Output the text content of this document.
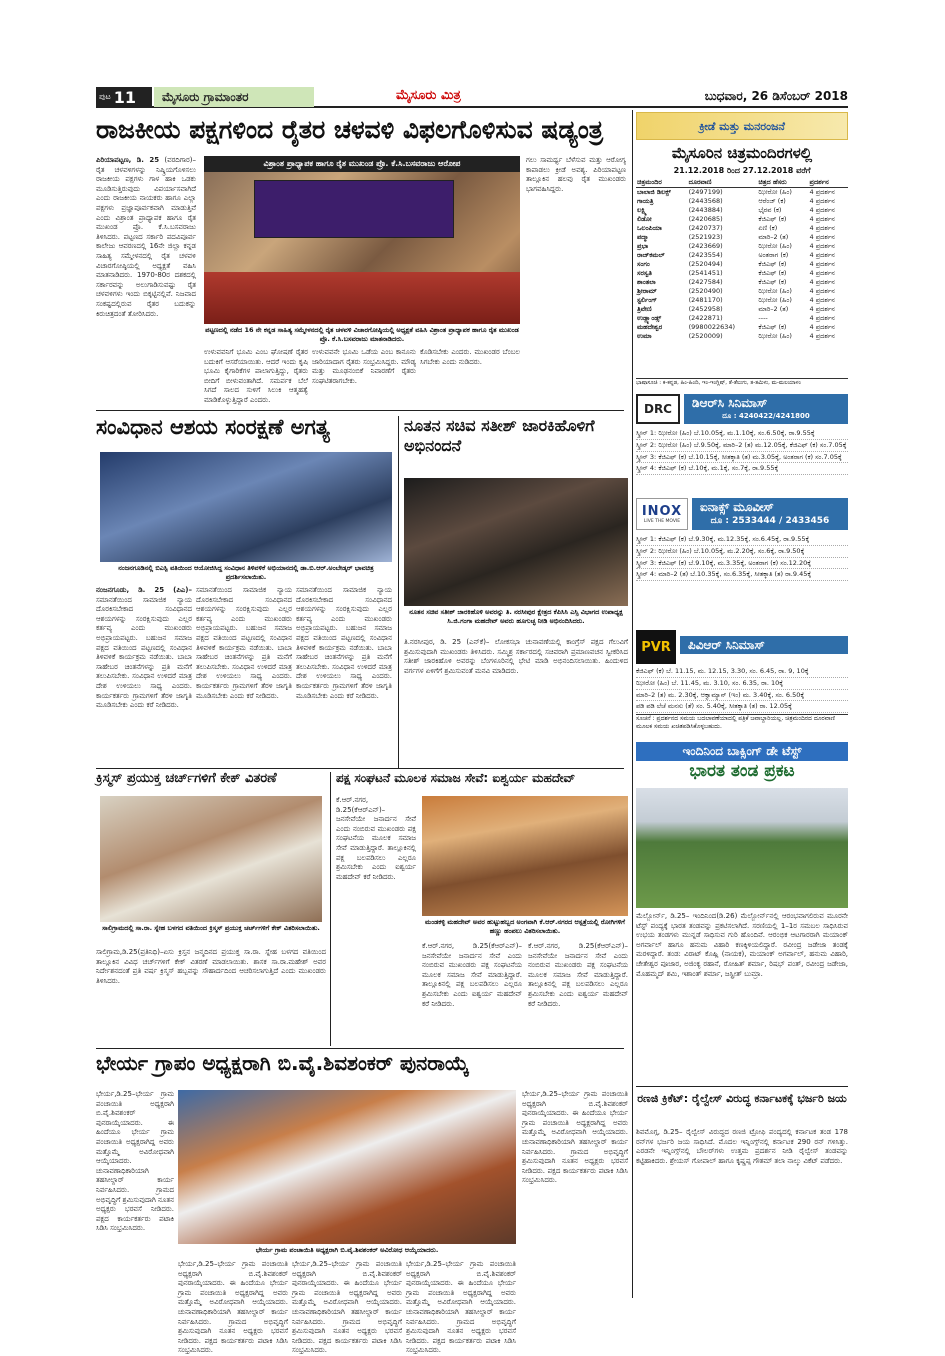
ಪುಟ 11	ಮೈಸೂರು ಗ್ರಾಮಾಂತರ	ಮೈಸೂರು ಮಿತ್ರ	ಬುಧವಾರ, 26 ಡಿಸೆಂಬರ್ 2018
ರಾಜಕೀಯ ಪಕ್ಷಗಳಿಂದ ರೈತರ ಚಳವಳಿ ವಿಫಲಗೊಳಿಸುವ ಷಡ್ಯಂತ್ರ

ಪಿರಿಯಾಪಟ್ಟಣ, ಡಿ. 25 (ವರದಿಗಾರ)– ರೈತ ಚಳವಳಿಗಳನ್ನು ನಿಷ್ಕ್ರಿಯಗೊಳಿಸಲು ರಾಜಕೀಯ ಪಕ್ಷಗಳು ಗಾಳ ಹಾಕಿ ಒಡಕು ಮೂಡಿಸುತ್ತಿರುವುದು ವಿಪರ್ಯಾಸವಾಗಿದೆ ಎಂದು ರಾಜಕೀಯ ನಾಯಕರು ಹಾಗೂ ಎಲ್ಲಾ ಪಕ್ಷಗಳು ಪ್ರಜ್ಞಾಪೂರ್ವಕವಾಗಿ ಮಾಡುತ್ತಿವೆ ಎಂದು ವಿಶ್ರಾಂತ ಪ್ರಾಧ್ಯಾಪಕ ಹಾಗೂ ರೈತ ಮುಖಂಡ ಪ್ರೊ. ಕೆ.ಸಿ.ಬಸವರಾಜು ತಿಳಿಸಿದರು. ಪಟ್ಟಣದ ಸರ್ಕಾರಿ ಪದವಿಪೂರ್ವ ಕಾಲೇಜು ಆವರಣದಲ್ಲಿ 16ನೇ ಜಿಲ್ಲಾ ಕನ್ನಡ ಸಾಹಿತ್ಯ ಸಮ್ಮೇಳನದಲ್ಲಿ ರೈತ ಚಳವಳಿ ವಿಚಾರಗೋಷ್ಠಿಯಲ್ಲಿ ಅಧ್ಯಕ್ಷತೆ ವಹಿಸಿ ಮಾತನಾಡಿದರು. 1970-80ರ ದಶಕದಲ್ಲಿ ಸರ್ಕಾರವನ್ನು ಅಲುಗಾಡಿಸುವಷ್ಟು ರೈತ ಚಳವಳಿಗಳು ಇಂದು ಬಿಕ್ಕಟ್ಟಿನಲ್ಲಿವೆ. ನಿಜವಾದ ಸಂಕಷ್ಟದಲ್ಲಿರುವ ರೈತರ ಬದುಕನ್ನು ಕಿರುಚಿತ್ರದಂತೆ ತೋರಿಸಿದರು.

ವಿಶ್ರಾಂತ ಪ್ರಾಧ್ಯಾಪಕ ಹಾಗೂ ರೈತ ಮುಖಂಡ ಪ್ರೊ. ಕೆ.ಸಿ.ಬಸವರಾಜು ಆರೋಪ
ಪಟ್ಟಣದಲ್ಲಿ ನಡೆದ 16 ನೇ ಕನ್ನಡ ಸಾಹಿತ್ಯ ಸಮ್ಮೇಳನದಲ್ಲಿ ರೈತ ಚಳವಳಿ ವಿಚಾರಗೋಷ್ಠಿಯಲ್ಲಿ ಅಧ್ಯಕ್ಷತೆ ವಹಿಸಿ ವಿಶ್ರಾಂತ ಪ್ರಾಧ್ಯಾಪಕ ಹಾಗೂ ರೈತ ಮುಖಂಡ ಪ್ರೊ. ಕೆ.ಸಿ.ಬಸವರಾಜು ಮಾತನಾಡಿದರು.
ಉಳುವವನಿಗೆ ಭೂಮಿ ಎಂಬ ಘೋಷಣೆ ರೈತರ ಬದುಕಿಗೆ ಆಸರೆಯಾಯಿತು. ಆದರೆ ಇಂದು ಕೃಷಿ ಭೂಮಿ ಕೈಗಾರಿಕೆಗಳ ಪಾಲಾಗುತ್ತಿದ್ದು, ರೈತರು ಬೀದಿಗೆ ಬೀಳುವಂತಾಗಿದೆ. ಸಮರ್ಪಕ ಬೆಲೆ ಸಿಗದೆ ಸಾಲದ ಸುಳಿಗೆ ಸಿಲುಕಿ ಆತ್ಮಹತ್ಯೆ ಮಾಡಿಕೊಳ್ಳುತ್ತಿದ್ದಾರೆ ಎಂದರು.
ಉಳುವವನೇ ಭೂಮಿ ಒಡೆಯ ಎಂಬ ಕಾನೂನು ಜಾರಿಯಾದಾಗ ರೈತರು ಸಂಭ್ರಮಿಸಿದ್ದರು. ಮೌಡ್ಯ ಮತ್ತು ಮೂಢನಂಬಿಕೆ ನಿವಾರಣೆಗೆ ರೈತರು ಸಂಘಟಿತರಾಗಬೇಕು.
ಕೊಡಿಸಬೇಕು ಎಂದರು. ಮುಖಂಡರ ಬೆಂಬಲ ಸಿಗಬೇಕು ಎಂದು ನುಡಿದರು.
ಗಲು ಸಾಮರ್ಥ್ಯ ಬೆಳೆಸುವ ಮತ್ತು ಆರೋಗ್ಯ ಕಾಪಾಡಲು ಕ್ರೀಡೆ ಅವಶ್ಯ. ಪಿರಿಯಾಪಟ್ಟಣ ತಾಲ್ಲೂಕಿನ ಹಲವು ರೈತ ಮುಖಂಡರು ಭಾಗವಹಿಸಿದ್ದರು.
ಸಂವಿಧಾನ ಆಶಯ ಸಂರಕ್ಷಣೆ ಅಗತ್ಯ
ನಂಜನಗೂಡಿನಲ್ಲಿ ಬಿಎಸ್ಪಿ ವತಿಯಿಂದ ಆಯೋಜಿಸಿದ್ದ ಸಂವಿಧಾನ ತಿಳಿವಳಿಕೆ ಅಭಿಯಾನದಲ್ಲಿ ಡಾ.ಬಿ.ಆರ್.ಅಂಬೇಡ್ಕರ್ ಭಾವಚಿತ್ರ ಪ್ರದರ್ಶಿಸಲಾಯಿತು.

ನಂಜನಗೂಡು, ಡಿ. 25 (ಪಿಎ)– ಸಮಾನತೆಯಿಂದ ಸಾಮಾಜಿಕ ನ್ಯಾಯ ದೊರಕಿಸಬೇಕಾದ ಸಂವಿಧಾನದ ಆಶಯಗಳನ್ನು ಸಂರಕ್ಷಿಸುವುದು ಎಲ್ಲರ ಕರ್ತವ್ಯ ಎಂದು ಮುಖಂಡರು ಅಭಿಪ್ರಾಯಪಟ್ಟರು. ಬಹುಜನ ಸಮಾಜ ಪಕ್ಷದ ವತಿಯಿಂದ ಪಟ್ಟಣದಲ್ಲಿ ಸಂವಿಧಾನ ತಿಳಿವಳಿಕೆ ಕಾರ್ಯಕ್ರಮ ನಡೆಯಿತು. ಬಾಬಾ ಸಾಹೇಬರ ಚಿಂತನೆಗಳನ್ನು ಪ್ರತಿ ಮನೆಗೆ ತಲುಪಿಸಬೇಕು. ಸಂವಿಧಾನ ಉಳಿದರೆ ಮಾತ್ರ ದೇಶ ಉಳಿಯಲು ಸಾಧ್ಯ ಎಂದರು. ಕಾರ್ಯಕರ್ತರು ಗ್ರಾಮಗಳಿಗೆ ತೆರಳಿ ಜಾಗೃತಿ ಮೂಡಿಸಬೇಕು ಎಂದು ಕರೆ ನೀಡಿದರು.

ಸಮಾನತೆಯಿಂದ ಸಾಮಾಜಿಕ ನ್ಯಾಯ ದೊರಕಿಸಬೇಕಾದ ಸಂವಿಧಾನದ ಆಶಯಗಳನ್ನು ಸಂರಕ್ಷಿಸುವುದು ಎಲ್ಲರ ಕರ್ತವ್ಯ ಎಂದು ಮುಖಂಡರು ಅಭಿಪ್ರಾಯಪಟ್ಟರು. ಬಹುಜನ ಸಮಾಜ ಪಕ್ಷದ ವತಿಯಿಂದ ಪಟ್ಟಣದಲ್ಲಿ ಸಂವಿಧಾನ ತಿಳಿವಳಿಕೆ ಕಾರ್ಯಕ್ರಮ ನಡೆಯಿತು. ಬಾಬಾ ಸಾಹೇಬರ ಚಿಂತನೆಗಳನ್ನು ಪ್ರತಿ ಮನೆಗೆ ತಲುಪಿಸಬೇಕು. ಸಂವಿಧಾನ ಉಳಿದರೆ ಮಾತ್ರ ದೇಶ ಉಳಿಯಲು ಸಾಧ್ಯ ಎಂದರು. ಕಾರ್ಯಕರ್ತರು ಗ್ರಾಮಗಳಿಗೆ ತೆರಳಿ ಜಾಗೃತಿ ಮೂಡಿಸಬೇಕು ಎಂದು ಕರೆ ನೀಡಿದರು.
ಸಮಾನತೆಯಿಂದ ಸಾಮಾಜಿಕ ನ್ಯಾಯ ದೊರಕಿಸಬೇಕಾದ ಸಂವಿಧಾನದ ಆಶಯಗಳನ್ನು ಸಂರಕ್ಷಿಸುವುದು ಎಲ್ಲರ ಕರ್ತವ್ಯ ಎಂದು ಮುಖಂಡರು ಅಭಿಪ್ರಾಯಪಟ್ಟರು. ಬಹುಜನ ಸಮಾಜ ಪಕ್ಷದ ವತಿಯಿಂದ ಪಟ್ಟಣದಲ್ಲಿ ಸಂವಿಧಾನ ತಿಳಿವಳಿಕೆ ಕಾರ್ಯಕ್ರಮ ನಡೆಯಿತು. ಬಾಬಾ ಸಾಹೇಬರ ಚಿಂತನೆಗಳನ್ನು ಪ್ರತಿ ಮನೆಗೆ ತಲುಪಿಸಬೇಕು. ಸಂವಿಧಾನ ಉಳಿದರೆ ಮಾತ್ರ ದೇಶ ಉಳಿಯಲು ಸಾಧ್ಯ ಎಂದರು. ಕಾರ್ಯಕರ್ತರು ಗ್ರಾಮಗಳಿಗೆ ತೆರಳಿ ಜಾಗೃತಿ ಮೂಡಿಸಬೇಕು ಎಂದು ಕರೆ ನೀಡಿದರು.
ನೂತನ ಸಚಿವ ಸತೀಶ್ ಜಾರಕಿಹೊಳಿಗೆ ಅಭಿನಂದನೆ
ನೂತನ ಸಚಿವ ಸತೀಶ್ ಜಾರಕಿಹೊಳಿ ಅವರನ್ನು ತಿ. ನರಸೀಪುರ ಕ್ಷೇತ್ರದ ಕೆಪಿಸಿಸಿ ಎಸ್ಸಿ ವಿಭಾಗದ ಉಪಾಧ್ಯಕ್ಷ ಸಿ.ಜಿ.ಗಂಗಾ ಮಹದೇವ್ ಅವರು ಹೂಗುಚ್ಛ ನೀಡಿ ಅಭಿನಂದಿಸಿದರು.
ತಿ.ನರಸೀಪುರ, ಡಿ. 25 (ಎನ್‌ಕೆ)– ಲೋಕಸಭಾ ಚುನಾವಣೆಯಲ್ಲಿ ಕಾಂಗ್ರೆಸ್ ಪಕ್ಷದ ಗೆಲುವಿಗೆ ಶ್ರಮಿಸುವುದಾಗಿ ಮುಖಂಡರು ತಿಳಿಸಿದರು. ಸಮ್ಮಿಶ್ರ ಸರ್ಕಾರದಲ್ಲಿ ಸಚಿವರಾಗಿ ಪ್ರಮಾಣವಚನ ಸ್ವೀಕರಿಸಿದ ಸತೀಶ್ ಜಾರಕಿಹೊಳಿ ಅವರನ್ನು ಬೆಂಗಳೂರಿನಲ್ಲಿ ಭೇಟಿ ಮಾಡಿ ಅಭಿನಂದಿಸಲಾಯಿತು. ಹಿಂದುಳಿದ ವರ್ಗಗಳ ಏಳಿಗೆಗೆ ಶ್ರಮಿಸುವಂತೆ ಮನವಿ ಮಾಡಿದರು.
ಕ್ರಿಸ್ಮಸ್ ಪ್ರಯುಕ್ತ ಚರ್ಚ್‌ಗಳಿಗೆ ಕೇಕ್ ವಿತರಣೆ
ಸಾಲಿಗ್ರಾಮದಲ್ಲಿ ಸಾ.ರಾ. ಸ್ನೇಹ ಬಳಗದ ವತಿಯಿಂದ ಕ್ರಿಸ್ಮಸ್ ಪ್ರಯುಕ್ತ ಚರ್ಚ್‌ಗಳಿಗೆ ಕೇಕ್ ವಿತರಿಸಲಾಯಿತು.
ಸಾಲಿಗ್ರಾಮ,ಡಿ.25(ಪ್ರತಿನಿಧಿ)–ಏಸು ಕ್ರಿಸ್ತನ ಜನ್ಮದಿನದ ಪ್ರಯುಕ್ತ ಸಾ.ರಾ. ಸ್ನೇಹ ಬಳಗದ ವತಿಯಿಂದ ತಾಲ್ಲೂಕಿನ ವಿವಿಧ ಚರ್ಚ್‌ಗಳಿಗೆ ಕೇಕ್ ವಿತರಣೆ ಮಾಡಲಾಯಿತು. ಶಾಸಕ ಸಾ.ರಾ.ಮಹೇಶ್ ಅವರ ನಿರ್ದೇಶನದಂತೆ ಪ್ರತಿ ವರ್ಷ ಕ್ರಿಸ್ಮಸ್ ಹಬ್ಬವನ್ನು ಸೌಹಾರ್ದದಿಂದ ಆಚರಿಸಲಾಗುತ್ತಿದೆ ಎಂದು ಮುಖಂಡರು ತಿಳಿಸಿದರು.
ಪಕ್ಷ ಸಂಘಟನೆ ಮೂಲಕ ಸಮಾಜ ಸೇವೆ: ಐಶ್ವರ್ಯ ಮಹದೇವ್
ಕೆ.ಆರ್.ನಗರ, ಡಿ.25(ಕೆಆರ್‌ಎನ್)– ಜನಸೇವೆಯೇ ಜನಾರ್ದನ ಸೇವೆ ಎಂದು ನಂಬಿರುವ ಮುಖಂಡರು ಪಕ್ಷ ಸಂಘಟನೆಯ ಮೂಲಕ ಸಮಾಜ ಸೇವೆ ಮಾಡುತ್ತಿದ್ದಾರೆ. ತಾಲ್ಲೂಕಿನಲ್ಲಿ ಪಕ್ಷ ಬಲಪಡಿಸಲು ಎಲ್ಲರೂ ಶ್ರಮಿಸಬೇಕು ಎಂದು ಐಶ್ವರ್ಯ ಮಹದೇವ್ ಕರೆ ನೀಡಿದರು.
ಮಂಡಕಳ್ಳಿ ಮಹದೇವ್ ಅವರ ಹುಟ್ಟುಹಬ್ಬದ ಅಂಗವಾಗಿ ಕೆ.ಆರ್.ನಗರದ ಆಸ್ಪತ್ರೆಯಲ್ಲಿ ರೋಗಿಗಳಿಗೆ ಹಣ್ಣು ಹಂಪಲು ವಿತರಿಸಲಾಯಿತು.
ಕೆ.ಆರ್.ನಗರ, ಡಿ.25(ಕೆಆರ್‌ಎನ್)– ಜನಸೇವೆಯೇ ಜನಾರ್ದನ ಸೇವೆ ಎಂದು ನಂಬಿರುವ ಮುಖಂಡರು ಪಕ್ಷ ಸಂಘಟನೆಯ ಮೂಲಕ ಸಮಾಜ ಸೇವೆ ಮಾಡುತ್ತಿದ್ದಾರೆ. ತಾಲ್ಲೂಕಿನಲ್ಲಿ ಪಕ್ಷ ಬಲಪಡಿಸಲು ಎಲ್ಲರೂ ಶ್ರಮಿಸಬೇಕು ಎಂದು ಐಶ್ವರ್ಯ ಮಹದೇವ್ ಕರೆ ನೀಡಿದರು.
ಕೆ.ಆರ್.ನಗರ, ಡಿ.25(ಕೆಆರ್‌ಎನ್)– ಜನಸೇವೆಯೇ ಜನಾರ್ದನ ಸೇವೆ ಎಂದು ನಂಬಿರುವ ಮುಖಂಡರು ಪಕ್ಷ ಸಂಘಟನೆಯ ಮೂಲಕ ಸಮಾಜ ಸೇವೆ ಮಾಡುತ್ತಿದ್ದಾರೆ. ತಾಲ್ಲೂಕಿನಲ್ಲಿ ಪಕ್ಷ ಬಲಪಡಿಸಲು ಎಲ್ಲರೂ ಶ್ರಮಿಸಬೇಕು ಎಂದು ಐಶ್ವರ್ಯ ಮಹದೇವ್ ಕರೆ ನೀಡಿದರು.
ಭೇರ್ಯ ಗ್ರಾಪಂ ಅಧ್ಯಕ್ಷರಾಗಿ ಬಿ.ವೈ.ಶಿವಶಂಕರ್ ಪುನರಾಯ್ಕೆ
ಭೇರ್ಯ,ಡಿ.25–ಭೇರ್ಯ ಗ್ರಾಮ ಪಂಚಾಯಿತಿ ಅಧ್ಯಕ್ಷರಾಗಿ ಬಿ.ವೈ.ಶಿವಶಂಕರ್ ಪುನರಾಯ್ಕೆಯಾದರು. ಈ ಹಿಂದೆಯೂ ಭೇರ್ಯ ಗ್ರಾಮ ಪಂಚಾಯಿತಿ ಅಧ್ಯಕ್ಷರಾಗಿದ್ದ ಅವರು ಮತ್ತೊಮ್ಮೆ ಅವಿರೋಧವಾಗಿ ಆಯ್ಕೆಯಾದರು. ಚುನಾವಣಾಧಿಕಾರಿಯಾಗಿ ತಹಸೀಲ್ದಾರ್ ಕಾರ್ಯ ನಿರ್ವಹಿಸಿದರು. ಗ್ರಾಮದ ಅಭಿವೃದ್ಧಿಗೆ ಶ್ರಮಿಸುವುದಾಗಿ ನೂತನ ಅಧ್ಯಕ್ಷರು ಭರವಸೆ ನೀಡಿದರು. ಪಕ್ಷದ ಕಾರ್ಯಕರ್ತರು ಪಟಾಕಿ ಸಿಡಿಸಿ ಸಂಭ್ರಮಿಸಿದರು.
ಭೇರ್ಯ ಗ್ರಾಮ ಪಂಚಾಯಿತಿ ಅಧ್ಯಕ್ಷರಾಗಿ ಬಿ.ವೈ.ಶಿವಶಂಕರ್ ಅವಿರೋಧ ಆಯ್ಕೆಯಾದರು.
ಭೇರ್ಯ,ಡಿ.25–ಭೇರ್ಯ ಗ್ರಾಮ ಪಂಚಾಯಿತಿ ಅಧ್ಯಕ್ಷರಾಗಿ ಬಿ.ವೈ.ಶಿವಶಂಕರ್ ಪುನರಾಯ್ಕೆಯಾದರು. ಈ ಹಿಂದೆಯೂ ಭೇರ್ಯ ಗ್ರಾಮ ಪಂಚಾಯಿತಿ ಅಧ್ಯಕ್ಷರಾಗಿದ್ದ ಅವರು ಮತ್ತೊಮ್ಮೆ ಅವಿರೋಧವಾಗಿ ಆಯ್ಕೆಯಾದರು. ಚುನಾವಣಾಧಿಕಾರಿಯಾಗಿ ತಹಸೀಲ್ದಾರ್ ಕಾರ್ಯ ನಿರ್ವಹಿಸಿದರು. ಗ್ರಾಮದ ಅಭಿವೃದ್ಧಿಗೆ ಶ್ರಮಿಸುವುದಾಗಿ ನೂತನ ಅಧ್ಯಕ್ಷರು ಭರವಸೆ ನೀಡಿದರು. ಪಕ್ಷದ ಕಾರ್ಯಕರ್ತರು ಪಟಾಕಿ ಸಿಡಿಸಿ ಸಂಭ್ರಮಿಸಿದರು.
ಭೇರ್ಯ,ಡಿ.25–ಭೇರ್ಯ ಗ್ರಾಮ ಪಂಚಾಯಿತಿ ಅಧ್ಯಕ್ಷರಾಗಿ ಬಿ.ವೈ.ಶಿವಶಂಕರ್ ಪುನರಾಯ್ಕೆಯಾದರು. ಈ ಹಿಂದೆಯೂ ಭೇರ್ಯ ಗ್ರಾಮ ಪಂಚಾಯಿತಿ ಅಧ್ಯಕ್ಷರಾಗಿದ್ದ ಅವರು ಮತ್ತೊಮ್ಮೆ ಅವಿರೋಧವಾಗಿ ಆಯ್ಕೆಯಾದರು. ಚುನಾವಣಾಧಿಕಾರಿಯಾಗಿ ತಹಸೀಲ್ದಾರ್ ಕಾರ್ಯ ನಿರ್ವಹಿಸಿದರು. ಗ್ರಾಮದ ಅಭಿವೃದ್ಧಿಗೆ ಶ್ರಮಿಸುವುದಾಗಿ ನೂತನ ಅಧ್ಯಕ್ಷರು ಭರವಸೆ ನೀಡಿದರು. ಪಕ್ಷದ ಕಾರ್ಯಕರ್ತರು ಪಟಾಕಿ ಸಿಡಿಸಿ ಸಂಭ್ರಮಿಸಿದರು.
ಭೇರ್ಯ,ಡಿ.25–ಭೇರ್ಯ ಗ್ರಾಮ ಪಂಚಾಯಿತಿ ಅಧ್ಯಕ್ಷರಾಗಿ ಬಿ.ವೈ.ಶಿವಶಂಕರ್ ಪುನರಾಯ್ಕೆಯಾದರು. ಈ ಹಿಂದೆಯೂ ಭೇರ್ಯ ಗ್ರಾಮ ಪಂಚಾಯಿತಿ ಅಧ್ಯಕ್ಷರಾಗಿದ್ದ ಅವರು ಮತ್ತೊಮ್ಮೆ ಅವಿರೋಧವಾಗಿ ಆಯ್ಕೆಯಾದರು. ಚುನಾವಣಾಧಿಕಾರಿಯಾಗಿ ತಹಸೀಲ್ದಾರ್ ಕಾರ್ಯ ನಿರ್ವಹಿಸಿದರು. ಗ್ರಾಮದ ಅಭಿವೃದ್ಧಿಗೆ ಶ್ರಮಿಸುವುದಾಗಿ ನೂತನ ಅಧ್ಯಕ್ಷರು ಭರವಸೆ ನೀಡಿದರು. ಪಕ್ಷದ ಕಾರ್ಯಕರ್ತರು ಪಟಾಕಿ ಸಿಡಿಸಿ ಸಂಭ್ರಮಿಸಿದರು.
ಭೇರ್ಯ,ಡಿ.25–ಭೇರ್ಯ ಗ್ರಾಮ ಪಂಚಾಯಿತಿ ಅಧ್ಯಕ್ಷರಾಗಿ ಬಿ.ವೈ.ಶಿವಶಂಕರ್ ಪುನರಾಯ್ಕೆಯಾದರು. ಈ ಹಿಂದೆಯೂ ಭೇರ್ಯ ಗ್ರಾಮ ಪಂಚಾಯಿತಿ ಅಧ್ಯಕ್ಷರಾಗಿದ್ದ ಅವರು ಮತ್ತೊಮ್ಮೆ ಅವಿರೋಧವಾಗಿ ಆಯ್ಕೆಯಾದರು. ಚುನಾವಣಾಧಿಕಾರಿಯಾಗಿ ತಹಸೀಲ್ದಾರ್ ಕಾರ್ಯ ನಿರ್ವಹಿಸಿದರು. ಗ್ರಾಮದ ಅಭಿವೃದ್ಧಿಗೆ ಶ್ರಮಿಸುವುದಾಗಿ ನೂತನ ಅಧ್ಯಕ್ಷರು ಭರವಸೆ ನೀಡಿದರು. ಪಕ್ಷದ ಕಾರ್ಯಕರ್ತರು ಪಟಾಕಿ ಸಿಡಿಸಿ ಸಂಭ್ರಮಿಸಿದರು.
ಕ್ರೀಡೆ ಮತ್ತು ಮನರಂಜನೆ
ಮೈಸೂರಿನ ಚಿತ್ರಮಂದಿರಗಳಲ್ಲಿ
21.12.2018 ರಿಂದ 27.12.2018 ವರೆಗೆ
ಚಿತ್ರಮಂದಿರ	ದೂರವಾಣಿ	ಚಿತ್ರದ ಹೆಸರು	ಪ್ರದರ್ಶನ
ಬಾಲಾಜಿ ಡಿಲಕ್ಸ್	(2497199)	ಝೀರೋ (ಹಿಂ)	4 ಪ್ರದರ್ಶನ
ಗಾಯತ್ರಿ	(2443568)	ಆರೆಂಜ್ (ಕ)	4 ಪ್ರದರ್ಶನ
ಲಕ್ಷ್ಮಿ	(2443884)	ಭೈರವ (ಕ)	4 ಪ್ರದರ್ಶನ
ಲಿಡೋ	(2420685)	ಕೆಜಿಎಫ್ (ಕ)	4 ಪ್ರದರ್ಶನ
ಒಲಂಪಿಯಾ	(2420737)	ಏಣಿ (ಕ)	4 ಪ್ರದರ್ಶನ
ಪದ್ಮಾ	(2521923)	ಮಾರಿ–2 (ತ)	4 ಪ್ರದರ್ಶನ
ಪ್ರಭಾ	(2423669)	ಝೀರೋ (ಹಿಂ)	4 ಪ್ರದರ್ಶನ
ರಾಜ್‌ಕಮಲ್	(2423554)	ಅಂತರಾಗ (ಕ)	4 ಪ್ರದರ್ಶನ
ಸಂಗಂ	(2520494)	ಕೆಜಿಎಫ್ (ಕ)	4 ಪ್ರದರ್ಶನ
ಸರಸ್ವತಿ	(2541451)	ಕೆಜಿಎಫ್ (ಕ)	4 ಪ್ರದರ್ಶನ
ಶಾಂತಲಾ	(2427584)	ಕೆಜಿಎಫ್ (ಕ)	4 ಪ್ರದರ್ಶನ
ಶ್ರೀರಾಮ್	(2520490)	ಝೀರೋ (ಹಿಂ)	4 ಪ್ರದರ್ಶನ
ಸ್ಟರ್ಲಿಂಗ್	(2481170)	ಝೀರೋ (ಹಿಂ)	4 ಪ್ರದರ್ಶನ
ತ್ರಿವೇಣಿ	(2452958)	ಮಾರಿ–2 (ತ)	4 ಪ್ರದರ್ಶನ
ಉಡ್ಲ್ಯಾಂಡ್ಸ್	(2422871)	----	4 ಪ್ರದರ್ಶನ
ಮಹದೇಶ್ವರ	(9980022634)	ಕೆಜಿಎಫ್ (ಕ)	4 ಪ್ರದರ್ಶನ
ಉಮಾ	(2520009)	ಝೀರೋ (ಹಿಂ)	4 ಪ್ರದರ್ಶನ
ಭಾಷಾಸೂಚಿ : ಕ-ಕನ್ನಡ, ಹಿಂ-ಹಿಂದಿ, ಇಂ-ಇಂಗ್ಲಿಷ್, ತೆ-ತೆಲುಗು, ತ-ತಮಿಳು, ಮ-ಮಲಯಾಳಂ
DRC	ಡಿಆರ್‌ಸಿ ಸಿನಿಮಾಸ್
ದೂ : 4240422/4241800
ಸ್ಕ್ರೀನ್ 1: ಝೀರೋ (ಹಿಂ) ಬೆ.10.05ಕ್ಕೆ, ಮ.1.10ಕ್ಕೆ, ಸಂ.6.50ಕ್ಕೆ, ರಾ.9.55ಕ್ಕೆ
ಸ್ಕ್ರೀನ್ 2: ಝೀರೋ (ಹಿಂ) ಬೆ.9.50ಕ್ಕೆ, ಮಾರಿ–2 (ತ) ಮ.12.05ಕ್ಕೆ, ಕೆಜಿಎಫ್ (ಕ) ಸಂ.7.05ಕ್ಕೆ
ಸ್ಕ್ರೀನ್ 3: ಕೆಜಿಎಫ್ (ಕ) ಬೆ.10.15ಕ್ಕೆ, ಸೀತಕ್ಕಾತಿ (ತ) ಮ.3.05ಕ್ಕೆ, ಅಂತರಾಗ (ಕ) ಸಂ.7.05ಕ್ಕೆ
ಸ್ಕ್ರೀನ್ 4: ಕೆಜಿಎಫ್ (ಕ) ಬೆ.10ಕ್ಕೆ, ಮ.1ಕ್ಕೆ, ಸಂ.7ಕ್ಕೆ, ರಾ.9.55ಕ್ಕೆ
INOX
LIVE THE MOVIE
ಐನಾಕ್ಸ್ ಮೂವೀಸ್
ದೂ : 2533444 / 2433456
ಸ್ಕ್ರೀನ್ 1: ಕೆಜಿಎಫ್ (ಕ) ಬೆ.9.30ಕ್ಕೆ, ಮ.12.35ಕ್ಕೆ, ಸಂ.6.45ಕ್ಕೆ, ರಾ.9.55ಕ್ಕೆ
ಸ್ಕ್ರೀನ್ 2: ಝೀರೋ (ಹಿಂ) ಬೆ.10.05ಕ್ಕೆ, ಮ.2.20ಕ್ಕೆ, ಸಂ.6ಕ್ಕೆ, ರಾ.9.50ಕ್ಕೆ
ಸ್ಕ್ರೀನ್ 3: ಕೆಜಿಎಫ್ (ಕ) ಬೆ.9.10ಕ್ಕೆ, ಮ.3.35ಕ್ಕೆ, ಅಂತರಾಗ (ಕ) ಸಂ.12.20ಕ್ಕೆ
ಸ್ಕ್ರೀನ್ 4: ಮಾರಿ–2 (ತ) ಬೆ.10.35ಕ್ಕೆ, ಸಂ.6.35ಕ್ಕೆ, ಸೀತಕ್ಕಾತಿ (ತ) ರಾ.9.45ಕ್ಕೆ
PVR	ಪಿವಿಆರ್ ಸಿನಿಮಾಸ್
ಕೆಜಿಎಫ್ (ಕ) ಬೆ. 11.15, ಮ. 12.15, 3.30, ಸಂ. 6.45, ರಾ. 9, 10ಕ್ಕೆ
ಝೀರೋ (ಹಿಂ) ಬೆ. 11.45, ಮ. 3.10, ಸಂ. 6.35, ರಾ. 10ಕ್ಕೆ
ಮಾರಿ–2 (ತ) ಮ. 2.30ಕ್ಕೆ, ಆಕ್ವಾಮ್ಯಾನ್ (ಇಂ) ಮ. 3.40ಕ್ಕೆ, ಸಂ. 6.50ಕ್ಕೆ
ಪಡಿ ಪಡಿ ಲೆಚೆ ಮನಸು (ತೆ) ಸಂ. 5.40ಕ್ಕೆ, ಸೀತಕ್ಕಾತಿ (ತ) ರಾ. 12.05ಕ್ಕೆ
ಸೂಚನೆ : ಪ್ರದರ್ಶನದ ಸಮಯ ಬದಲಾವಣೆಯಾದಲ್ಲಿ ಪತ್ರಿಕೆ ಜವಾಬ್ದಾರಿಯಲ್ಲ. ಚಿತ್ರಮಂದಿರದ ದೂರವಾಣಿ ಮೂಲಕ ಸಮಯ ಖಚಿತಪಡಿಸಿಕೊಳ್ಳಬಹುದು.
ಇಂದಿನಿಂದ ಬಾಕ್ಸಿಂಗ್ ಡೇ ಟೆಸ್ಟ್
ಭಾರತ ತಂಡ ಪ್ರಕಟ
ಮೆಲ್ಬೋರ್ನ್, ಡಿ.25– ಇಂದಿನಿಂದ(ಡಿ.26) ಮೆಲ್ಬೋರ್ನ್‌ನಲ್ಲಿ ಆರಂಭವಾಗಲಿರುವ ಮೂರನೇ ಟೆಸ್ಟ್ ಪಂದ್ಯಕ್ಕೆ ಭಾರತ ತಂಡವನ್ನು ಪ್ರಕಟಿಸಲಾಗಿದೆ. ಸರಣಿಯಲ್ಲಿ 1–1ರ ಸಮಬಲ ಸಾಧಿಸಿರುವ ಉಭಯ ತಂಡಗಳು ಮುನ್ನಡೆ ಸಾಧಿಸುವ ಗುರಿ ಹೊಂದಿವೆ. ಆರಂಭಿಕ ಆಟಗಾರರಾಗಿ ಮಯಾಂಕ್ ಅಗರ್ವಾಲ್ ಹಾಗೂ ಹನುಮ ವಿಹಾರಿ ಕಣಕ್ಕಿಳಿಯಲಿದ್ದಾರೆ. ರವೀಂದ್ರ ಜಡೇಜಾ ತಂಡಕ್ಕೆ ಮರಳಿದ್ದಾರೆ. ತಂಡ: ವಿರಾಟ್ ಕೊಹ್ಲಿ (ನಾಯಕ), ಮಯಾಂಕ್ ಅಗರ್ವಾಲ್, ಹನುಮ ವಿಹಾರಿ, ಚೇತೇಶ್ವರ ಪೂಜಾರ, ಅಜಿಂಕ್ಯ ರಹಾನೆ, ರೋಹಿತ್ ಶರ್ಮಾ, ರಿಷಭ್ ಪಂತ್, ರವೀಂದ್ರ ಜಡೇಜಾ, ಮೊಹಮ್ಮದ್ ಶಮಿ, ಇಶಾಂತ್ ಶರ್ಮಾ, ಜಸ್ಪ್ರೀತ್ ಬುಮ್ರಾ.
ರಣಜಿ ಕ್ರಿಕೆಟ್: ರೈಲ್ವೇಸ್ ವಿರುದ್ಧ ಕರ್ನಾಟಕಕ್ಕೆ ಭರ್ಜರಿ ಜಯ
ಶಿವಮೊಗ್ಗ, ಡಿ.25– ರೈಲ್ವೇಸ್ ವಿರುದ್ಧದ ರಣಜಿ ಟ್ರೋಫಿ ಪಂದ್ಯದಲ್ಲಿ ಕರ್ನಾಟಕ ತಂಡ 178 ರನ್‌ಗಳ ಭರ್ಜರಿ ಜಯ ಸಾಧಿಸಿದೆ. ಮೊದಲ ಇನ್ನಿಂಗ್ಸ್‌ನಲ್ಲಿ ಕರ್ನಾಟಕ 290 ರನ್ ಗಳಿಸಿತ್ತು. ಎರಡನೇ ಇನ್ನಿಂಗ್ಸ್‌ನಲ್ಲಿ ಬೌಲರ್‌ಗಳು ಉತ್ತಮ ಪ್ರದರ್ಶನ ನೀಡಿ ರೈಲ್ವೇಸ್ ತಂಡವನ್ನು ಕಟ್ಟಿಹಾಕಿದರು. ಶ್ರೇಯಸ್ ಗೋಪಾಲ್ ಹಾಗೂ ಕೃಷ್ಣಪ್ಪ ಗೌತಮ್ ತಲಾ ನಾಲ್ಕು ವಿಕೆಟ್ ಪಡೆದರು.
